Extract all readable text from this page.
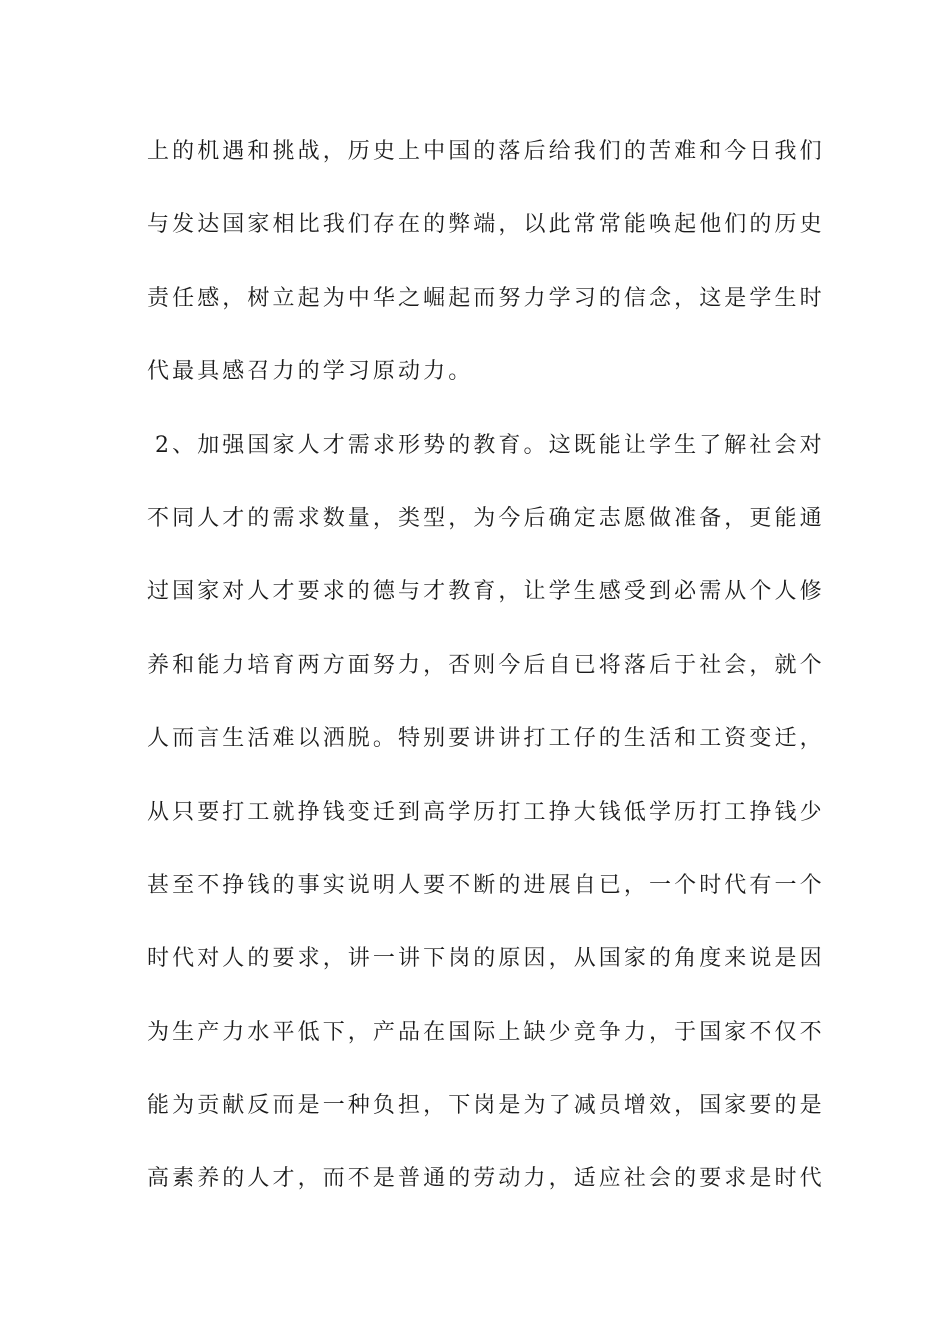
上的机遇和挑战，历史上中国的落后给我们的苦难和今日我们
与发达国家相比我们存在的弊端，以此常常能唤起他们的历史
责任感，树立起为中华之崛起而努力学习的信念，这是学生时
代最具感召力的学习原动力。
2、加强国家人才需求形势的教育。这既能让学生了解社会对
不同人才的需求数量，类型，为今后确定志愿做准备，更能通
过国家对人才要求的德与才教育，让学生感受到必需从个人修
养和能力培育两方面努力，否则今后自已将落后于社会，就个
人而言生活难以洒脱。特别要讲讲打工仔的生活和工资变迁，
从只要打工就挣钱变迁到高学历打工挣大钱低学历打工挣钱少
甚至不挣钱的事实说明人要不断的进展自已，一个时代有一个
时代对人的要求，讲一讲下岗的原因，从国家的角度来说是因
为生产力水平低下，产品在国际上缺少竞争力，于国家不仅不
能为贡献反而是一种负担，下岗是为了减员增效，国家要的是
高素养的人才，而不是普通的劳动力，适应社会的要求是时代
